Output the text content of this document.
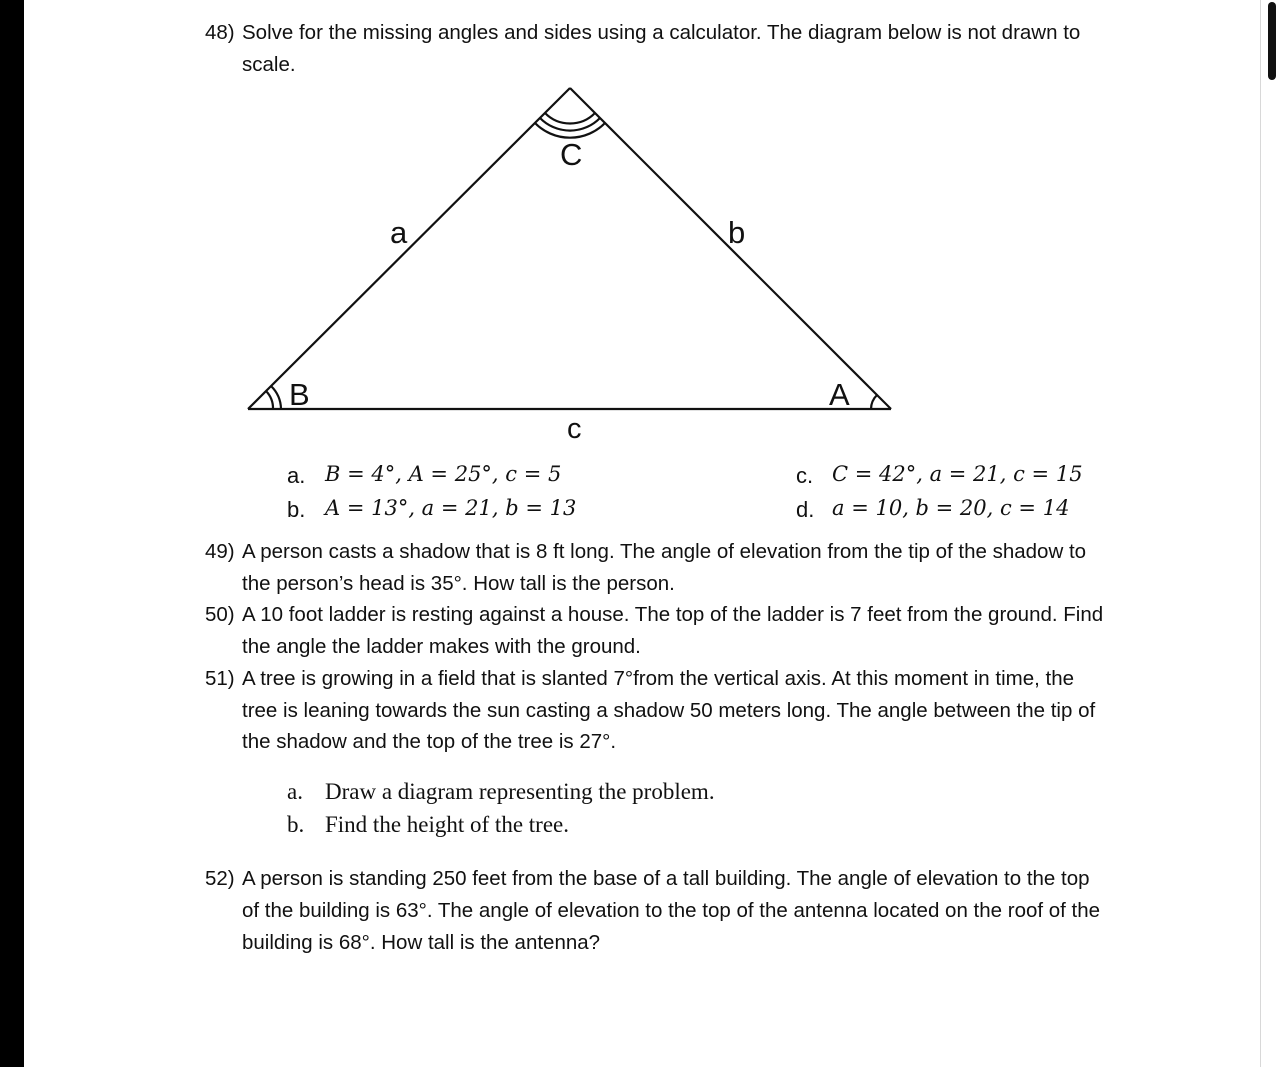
48) Solve for the missing angles and sides using a calculator. The diagram below is not drawn to
scale.
C
B	A
a	b
c
a. B = 4°, A = 25°, c = 5
b. A = 13°, a = 21, b = 13
c. C = 42°, a = 21, c = 15
d. a = 10, b = 20, c = 14
49) A person casts a shadow that is 8 ft long. The angle of elevation from the tip of the shadow to
the person’s head is 35°. How tall is the person.
50) A 10 foot ladder is resting against a house. The top of the ladder is 7 feet from the ground. Find
the angle the ladder makes with the ground.
51) A tree is growing in a field that is slanted 7°from the vertical axis. At this moment in time, the
tree is leaning towards the sun casting a shadow 50 meters long. The angle between the tip of
the shadow and the top of the tree is 27°.
a. Draw a diagram representing the problem.
b. Find the height of the tree.
52) A person is standing 250 feet from the base of a tall building. The angle of elevation to the top
of the building is 63°. The angle of elevation to the top of the antenna located on the roof of the
building is 68°. How tall is the antenna?
